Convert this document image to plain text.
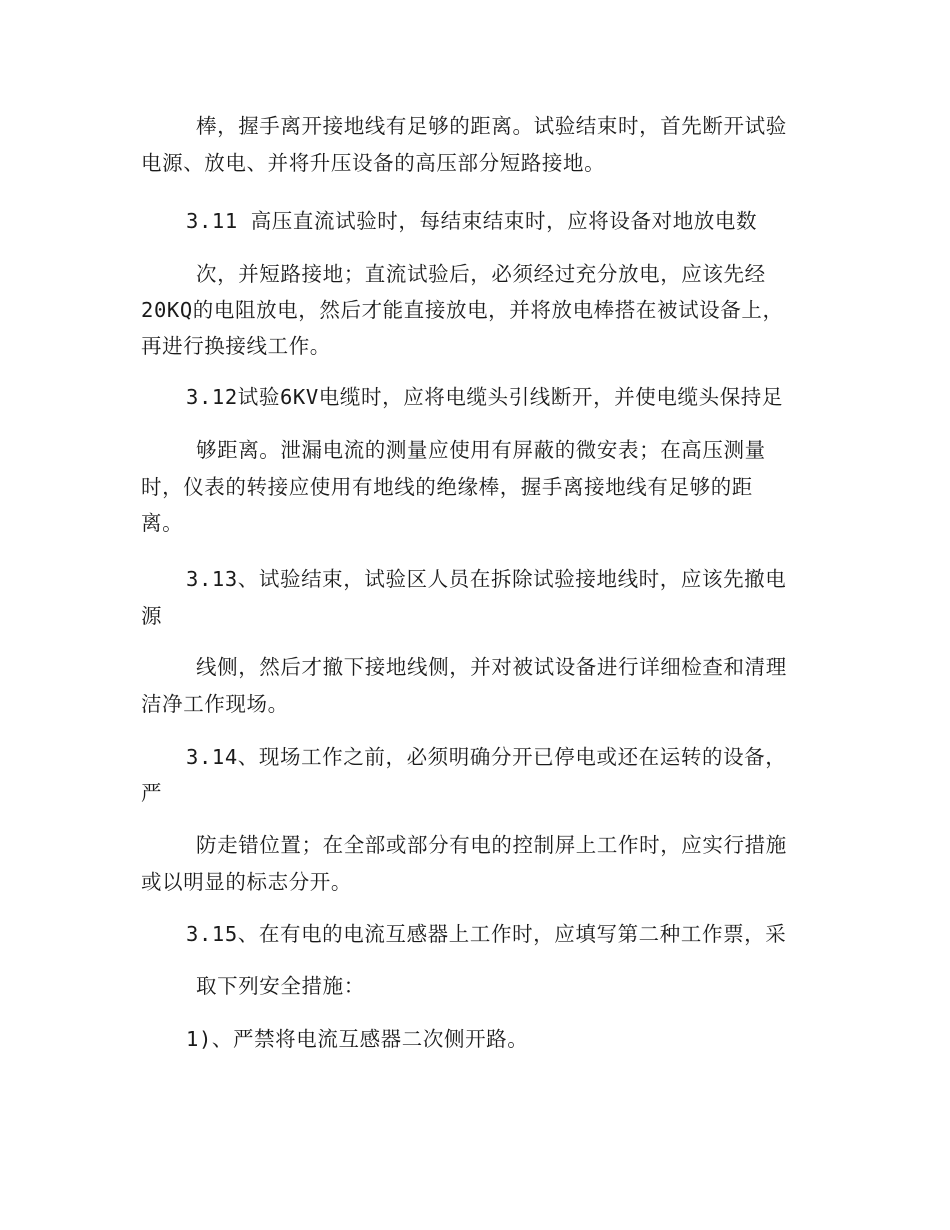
棒，握手离开接地线有足够的距离。试验结束时，首先断开试验
电源、放电、并将升压设备的高压部分短路接地。
3.11 高压直流试验时，每结束结束时，应将设备对地放电数
次，并短路接地；直流试验后，必须经过充分放电，应该先经
20KQ的电阻放电，然后才能直接放电，并将放电棒搭在被试设备上，
再进行换接线工作。
3.12试验6KV电缆时，应将电缆头引线断开，并使电缆头保持足
够距离。泄漏电流的测量应使用有屏蔽的微安表；在高压测量
时，仪表的转接应使用有地线的绝缘棒，握手离接地线有足够的距
离。
3.13、试验结束，试验区人员在拆除试验接地线时，应该先撤电
源
线侧，然后才撤下接地线侧，并对被试设备进行详细检查和清理
洁净工作现场。
3.14、现场工作之前，必须明确分开已停电或还在运转的设备，
严
防走错位置；在全部或部分有电的控制屏上工作时，应实行措施
或以明显的标志分开。
3.15、在有电的电流互感器上工作时，应填写第二种工作票，采
取下列安全措施：
1)、严禁将电流互感器二次侧开路。
